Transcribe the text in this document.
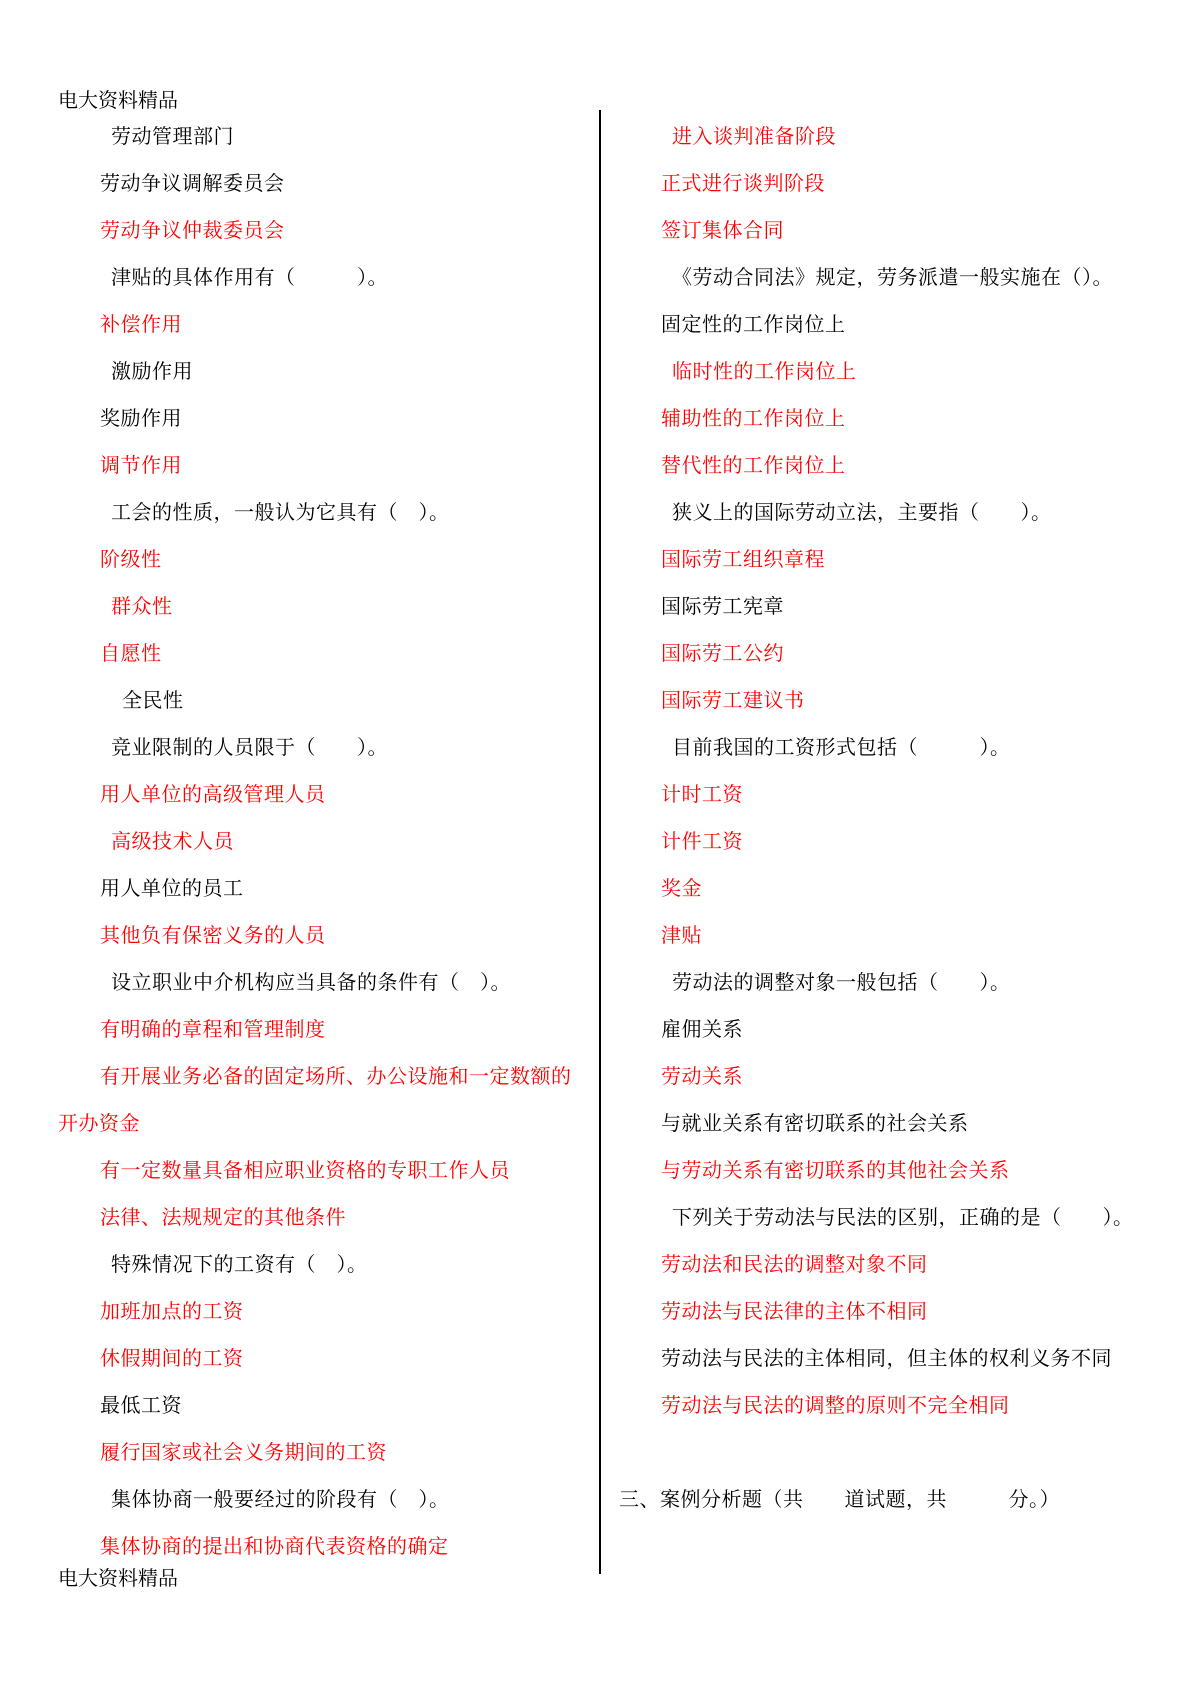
电大资料精品
劳动管理部门
劳动争议调解委员会
劳动争议仲裁委员会
津贴的具体作用有（　　　）。
补偿作用
激励作用
奖励作用
调节作用
工会的性质，一般认为它具有（　）。
阶级性
群众性
自愿性
全民性
竞业限制的人员限于（　　）。
用人单位的高级管理人员
高级技术人员
用人单位的员工
其他负有保密义务的人员
设立职业中介机构应当具备的条件有（　）。
有明确的章程和管理制度
有开展业务必备的固定场所、办公设施和一定数额的
开办资金
有一定数量具备相应职业资格的专职工作人员
法律、法规规定的其他条件
特殊情况下的工资有（　）。
加班加点的工资
休假期间的工资
最低工资
履行国家或社会义务期间的工资
集体协商一般要经过的阶段有（　）。
集体协商的提出和协商代表资格的确定
进入谈判准备阶段
正式进行谈判阶段
签订集体合同
《劳动合同法》规定，劳务派遣一般实施在（）。
固定性的工作岗位上
临时性的工作岗位上
辅助性的工作岗位上
替代性的工作岗位上
狭义上的国际劳动立法，主要指（　　）。
国际劳工组织章程
国际劳工宪章
国际劳工公约
国际劳工建议书
目前我国的工资形式包括（　　　）。
计时工资
计件工资
奖金
津贴
劳动法的调整对象一般包括（　　）。
雇佣关系
劳动关系
与就业关系有密切联系的社会关系
与劳动关系有密切联系的其他社会关系
下列关于劳动法与民法的区别，正确的是（　　）。
劳动法和民法的调整对象不同
劳动法与民法律的主体不相同
劳动法与民法的主体相同，但主体的权利义务不同
劳动法与民法的调整的原则不完全相同
三、案例分析题（共　　道试题，共　　　分。）
电大资料精品
